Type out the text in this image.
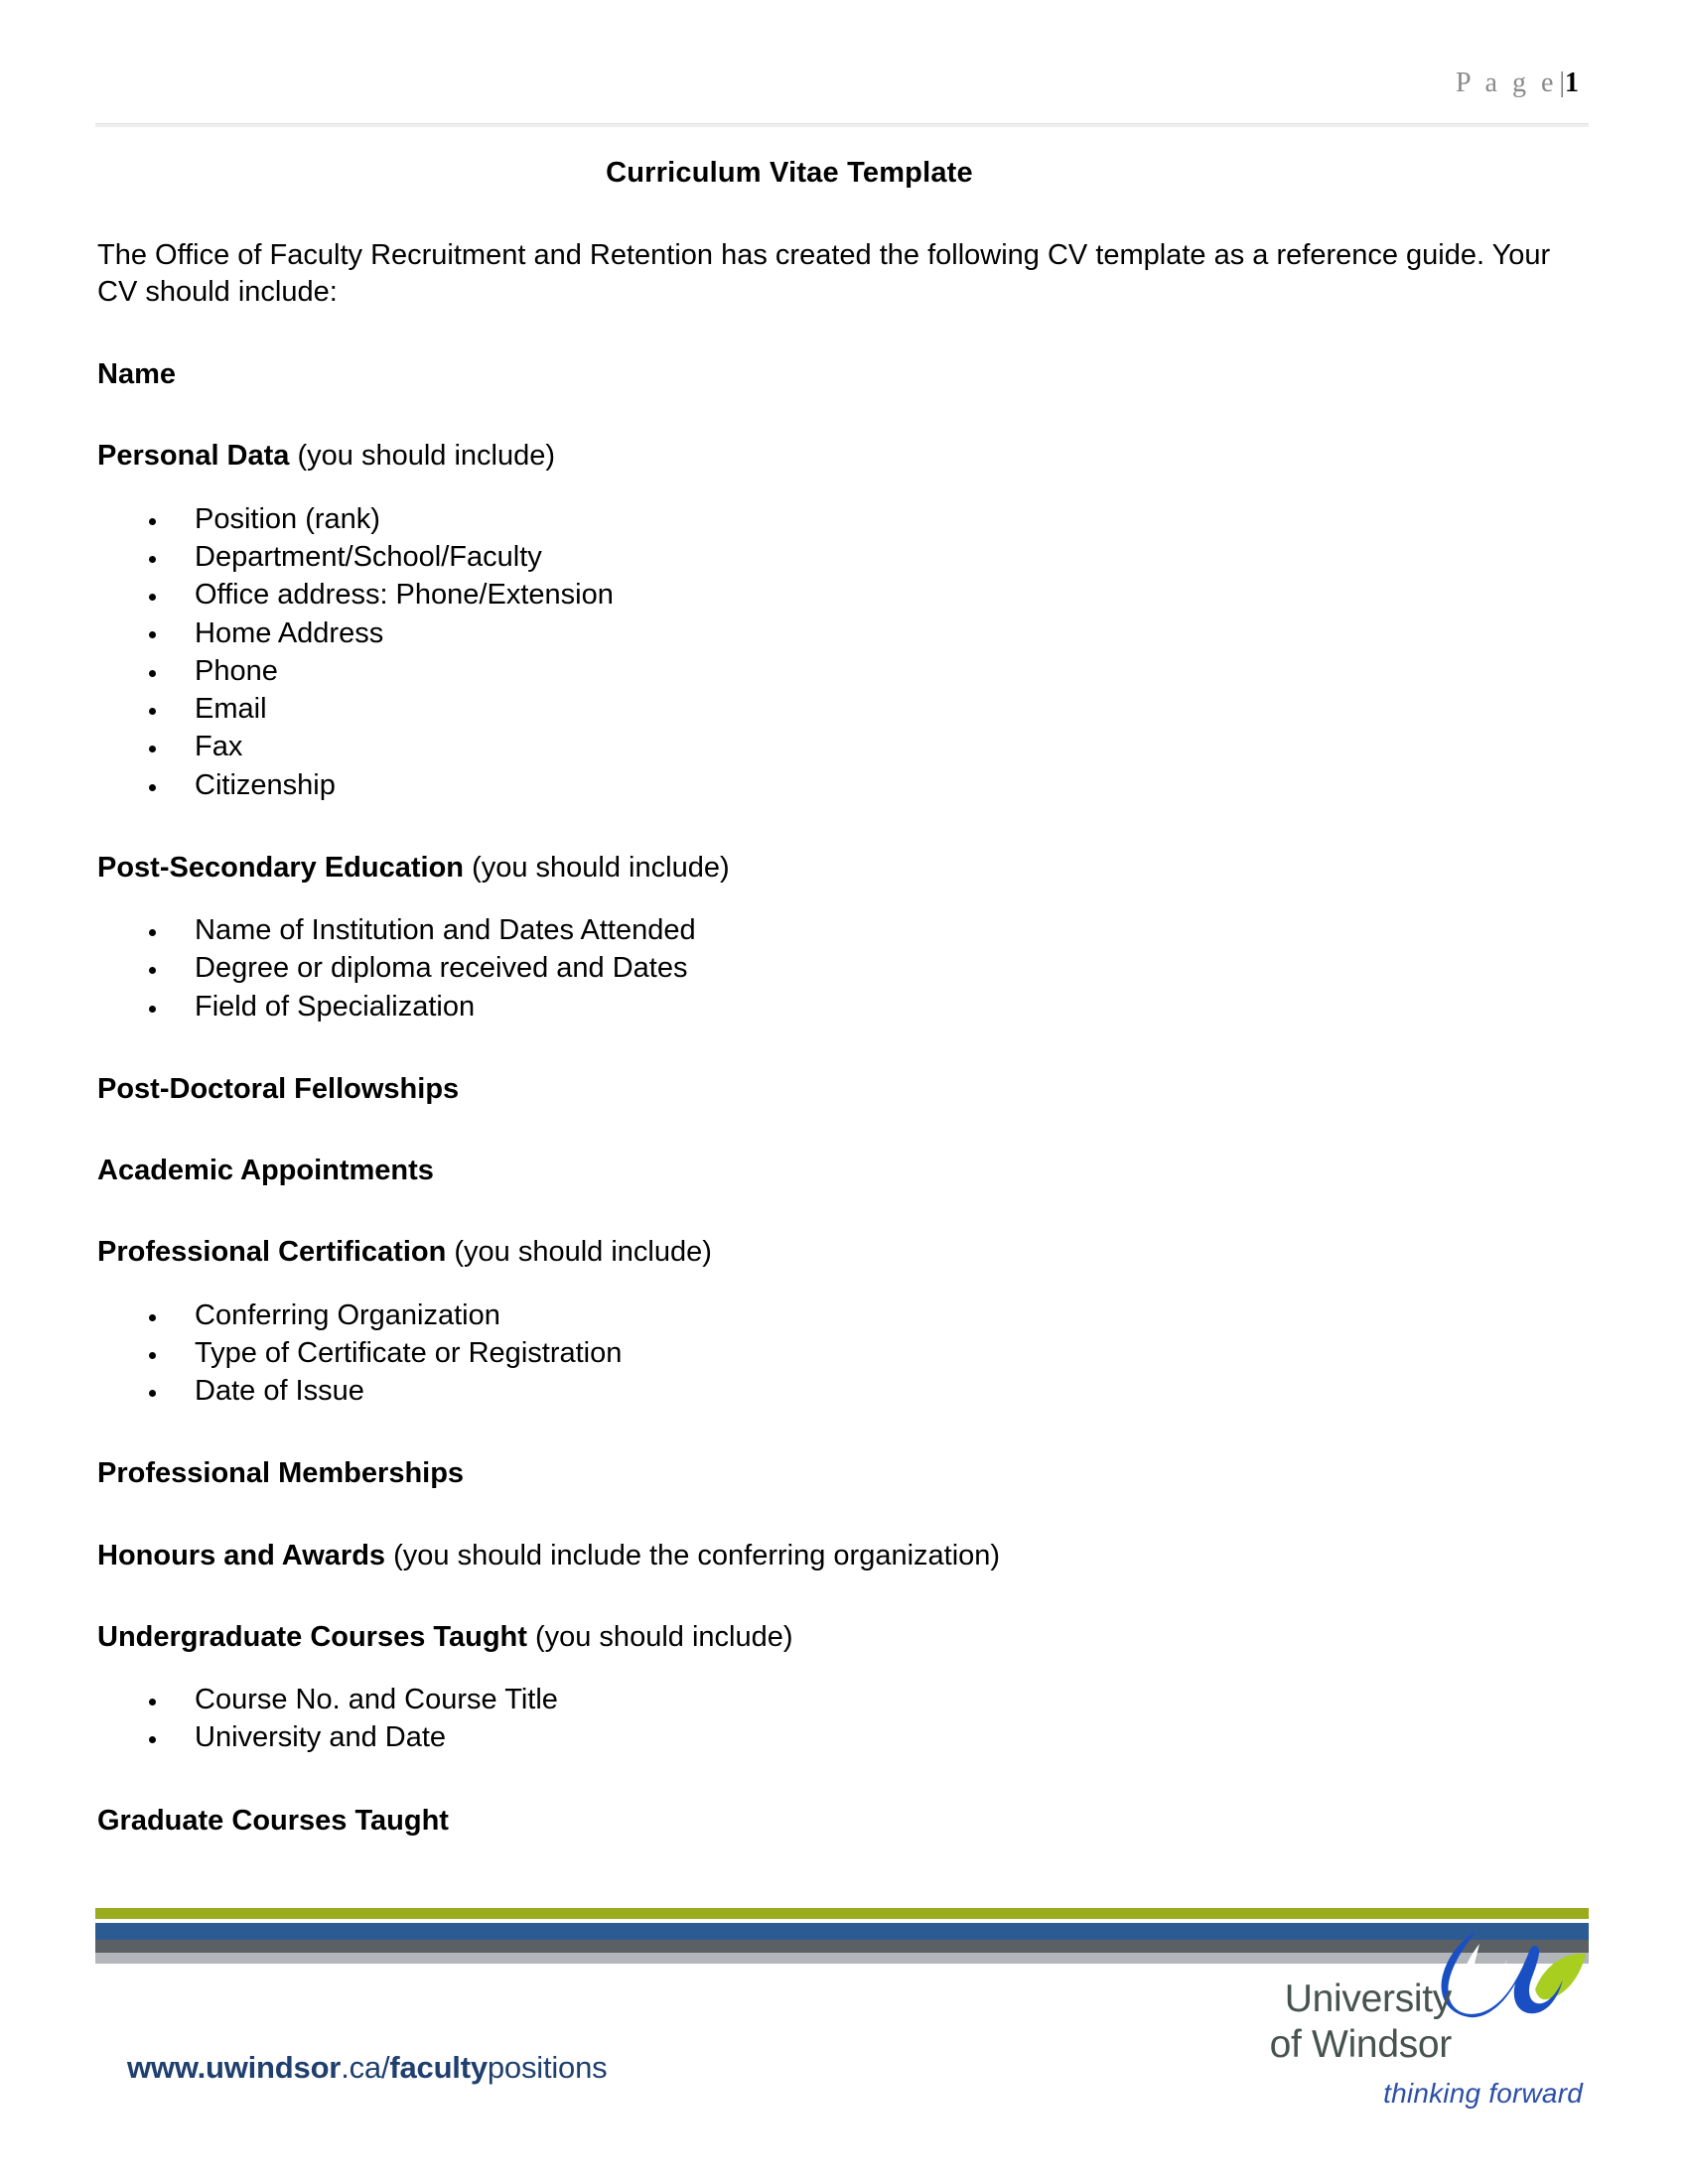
P a g e|1
Curriculum Vitae Template

The Office of Faculty Recruitment and Retention has created the following CV template as a reference guide. Your CV should include:

Name
Personal Data (you should include)
Position (rank)
Department/School/Faculty
Office address: Phone/Extension
Home Address
Phone
Email
Fax
Citizenship
Post-Secondary Education (you should include)
Name of Institution and Dates Attended
Degree or diploma received and Dates
Field of Specialization
Post-Doctoral Fellowships
Academic Appointments
Professional Certification (you should include)
Conferring Organization
Type of Certificate or Registration
Date of Issue
Professional Memberships
Honours and Awards (you should include the conferring organization)
Undergraduate Courses Taught (you should include)
Course No. and Course Title
University and Date
Graduate Courses Taught
www.uwindsor.ca/facultypositions
University
of Windsor
thinking forward
